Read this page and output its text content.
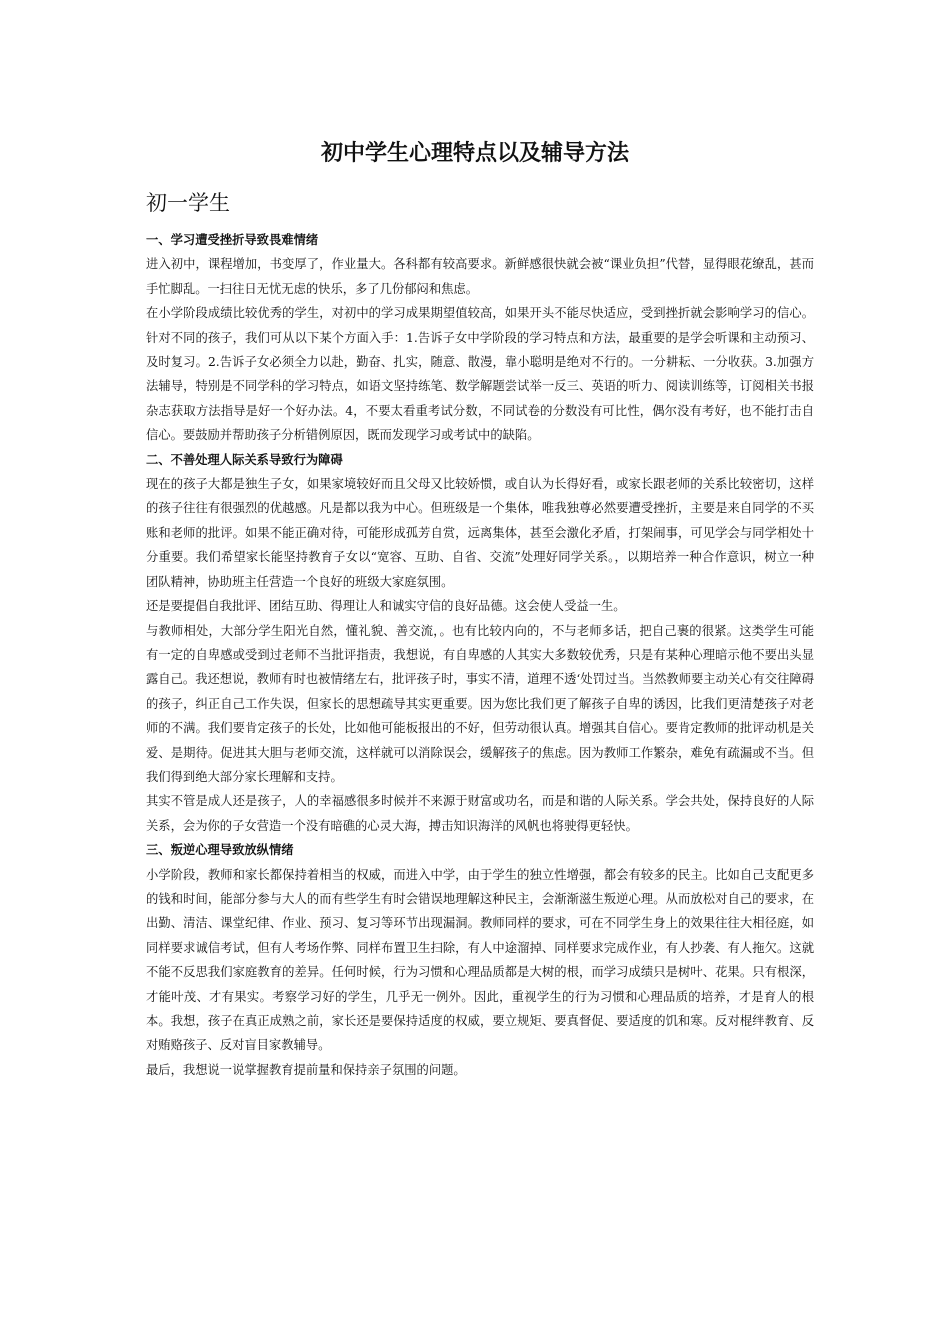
初中学生心理特点以及辅导方法
初一学生
一、学习遭受挫折导致畏难情绪

进入初中，课程增加，书变厚了，作业量大。各科都有较高要求。新鲜感很快就会被“课业负担”代替，显得眼花缭乱，甚而手忙脚乱。一扫往日无忧无虑的快乐，多了几份郁闷和焦虑。

在小学阶段成绩比较优秀的学生，对初中的学习成果期望值较高，如果开头不能尽快适应，受到挫折就会影响学习的信心。针对不同的孩子，我们可从以下某个方面入手：1.告诉子女中学阶段的学习特点和方法，最重要的是学会听课和主动预习、及时复习。2.告诉子女必须全力以赴，勤奋、扎实，随意、散漫，靠小聪明是绝对不行的。一分耕耘、一分收获。3.加强方法辅导，特别是不同学科的学习特点，如语文坚持练笔、数学解题尝试举一反三、英语的听力、阅读训练等，订阅相关书报杂志获取方法指导是好一个好办法。4，不要太看重考试分数，不同试卷的分数没有可比性，偶尔没有考好，也不能打击自信心。要鼓励并帮助孩子分析错例原因，既而发现学习或考试中的缺陷。

二、不善处理人际关系导致行为障碍

现在的孩子大都是独生子女，如果家境较好而且父母又比较娇惯，或自认为长得好看，或家长跟老师的关系比较密切，这样的孩子往往有很强烈的优越感。凡是都以我为中心。但班级是一个集体，唯我独尊必然要遭受挫折，主要是来自同学的不买账和老师的批评。如果不能正确对待，可能形成孤芳自赏，远离集体，甚至会激化矛盾，打架闹事，可见学会与同学相处十分重要。我们希望家长能坚持教育子女以“宽容、互助、自省、交流”处理好同学关系。，以期培养一种合作意识，树立一种团队精神，协助班主任营造一个良好的班级大家庭氛围。

还是要提倡自我批评、团结互助、得理让人和诚实守信的良好品德。这会使人受益一生。

与教师相处，大部分学生阳光自然，懂礼貌、善交流，。也有比较内向的，不与老师多话，把自己裹的很紧。这类学生可能有一定的自卑感或受到过老师不当批评指责，我想说，有自卑感的人其实大多数较优秀，只是有某种心理暗示他不要出头显露自己。我还想说，教师有时也被情绪左右，批评孩子时，事实不清，道理不透‘处罚过当。当然教师要主动关心有交往障碍的孩子，纠正自己工作失误，但家长的思想疏导其实更重要。因为您比我们更了解孩子自卑的诱因，比我们更清楚孩子对老师的不满。我们要肯定孩子的长处，比如他可能板报出的不好，但劳动很认真。增强其自信心。要肯定教师的批评动机是关爱、是期待。促进其大胆与老师交流，这样就可以消除误会，缓解孩子的焦虑。因为教师工作繁杂，难免有疏漏或不当。但我们得到绝大部分家长理解和支持。

其实不管是成人还是孩子，人的幸福感很多时候并不来源于财富或功名，而是和谐的人际关系。学会共处，保持良好的人际关系，会为你的子女营造一个没有暗礁的心灵大海，搏击知识海洋的风帆也将驶得更轻快。

三、叛逆心理导致放纵情绪

小学阶段，教师和家长都保持着相当的权威，而进入中学，由于学生的独立性增强，都会有较多的民主。比如自己支配更多的钱和时间，能部分参与大人的而有些学生有时会错误地理解这种民主，会渐渐滋生叛逆心理。从而放松对自己的要求，在出勤、清洁、课堂纪律、作业、预习、复习等环节出现漏洞。教师同样的要求，可在不同学生身上的效果往往大相径庭，如同样要求诚信考试，但有人考场作弊、同样布置卫生扫除，有人中途溜掉、同样要求完成作业，有人抄袭、有人拖欠。这就不能不反思我们家庭教育的差异。任何时候，行为习惯和心理品质都是大树的根，而学习成绩只是树叶、花果。只有根深，才能叶茂、才有果实。考察学习好的学生，几乎无一例外。因此，重视学生的行为习惯和心理品质的培养，才是育人的根本。我想，孩子在真正成熟之前，家长还是要保持适度的权威，要立规矩、要真督促、要适度的饥和寒。反对棍绊教育、反对贿赂孩子、反对盲目家教辅导。

最后，我想说一说掌握教育提前量和保持亲子氛围的问题。
